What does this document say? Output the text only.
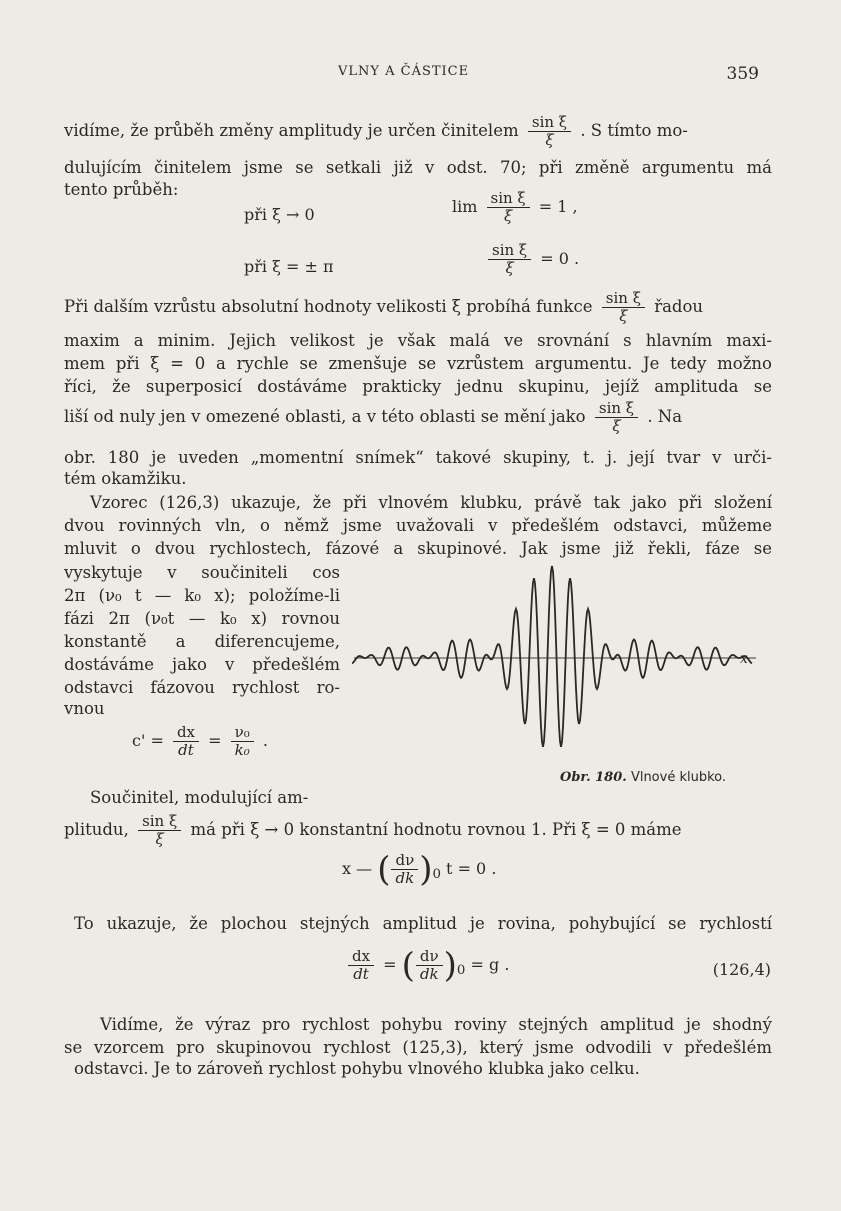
VLNY A ČÁSTICE	359
vidíme, že průběh změny amplitudy je určen činitelem $\frac{\text{sin ξ}}{\xi}$ . S tímto mo-
dulujícím činitelem jsme se setkali již v odst. 70; při změně argumentu má
tento průběh:
při ξ → 0	$\lim \frac{\text{sin ξ}}{\xi} = 1$ ,
při ξ = ± π	$\frac{\text{sin ξ}}{\xi} = 0$ .
Při dalším vzrůstu absolutní hodnoty velikosti ξ probíhá funkce $\frac{\text{sin ξ}}{\xi}$ řadou
maxim a minim. Jejich velikost je však malá ve srovnání s hlavním maxi-
mem při ξ = 0 a rychle se zmenšuje se vzrůstem argumentu. Je tedy možno
říci, že superposicí dostáváme prakticky jednu skupinu, jejíž amplituda se
liší od nuly jen v omezené oblasti, a v této oblasti se mění jako $\frac{\text{sin ξ}}{\xi}$ . Na
obr. 180 je uveden „momentní snímek“ takové skupiny, t. j. její tvar v urči-
tém okamžiku.
Vzorec (126,3) ukazuje, že při vlnovém klubku, právě tak jako při složení
dvou rovinných vln, o němž jsme uvažovali v předešlém odstavci, můžeme
mluvit o dvou rychlostech, fázové a skupinové. Jak jsme již řekli, fáze se
vyskytuje v součiniteli cos
2π (ν₀ t — k₀ x); položíme-li
fázi 2π (ν₀t — k₀ x) rovnou
konstantě a diferencujeme,
dostáváme jako v předešlém
odstavci fázovou rychlost ro-
vnou
$c' = \frac{dx}{dt} = \frac{\text{ν₀}}{\text{k₀}}$ .
x
Obr. 180. Vlnové klubko.
Součinitel, modulující am-
plitudu, $\frac{\text{sin ξ}}{\xi}$ má při ξ → 0 konstantní hodnotu rovnou 1. Při ξ = 0 máme
x — ( $\frac{d\nu}{dk} )_0$ t = 0 .
To ukazuje, že plochou stejných amplitud je rovina, pohybující se rychlostí
$\frac{dx}{dt}$ = ( $\frac{d\nu}{dk} )_0 = g$ .	(126,4)
Vidíme, že výraz pro rychlost pohybu roviny stejných amplitud je shodný
se vzorcem pro skupinovou rychlost (125,3), který jsme odvodili v předešlém
odstavci. Je to zároveň rychlost pohybu vlnového klubka jako celku.
